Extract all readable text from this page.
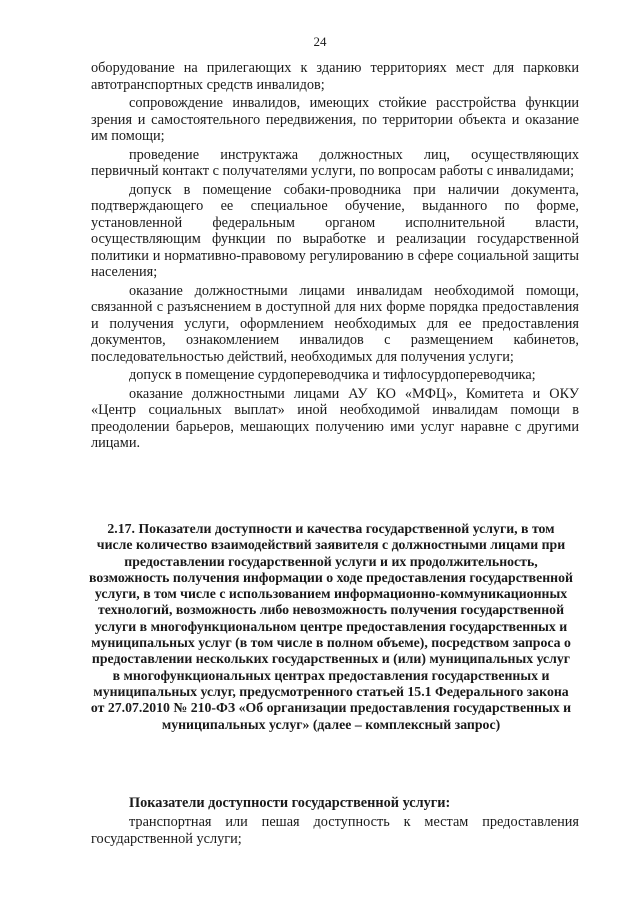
24

оборудование на прилегающих к зданию территориях мест для парковки автотранспортных средств инвалидов;

сопровождение инвалидов, имеющих стойкие расстройства функции зрения и самостоятельного передвижения, по территории объекта и оказание им помощи;

проведение инструктажа должностных лиц, осуществляющих первичный контакт с получателями услуги, по вопросам работы с инвалидами;

допуск в помещение собаки-проводника при наличии документа, подтверждающего ее специальное обучение, выданного по форме, установленной федеральным органом исполнительной власти, осуществляющим функции по выработке и реализации государственной политики и нормативно-правовому регулированию в сфере социальной защиты населения;

оказание должностными лицами инвалидам необходимой помощи, связанной с разъяснением в доступной для них форме порядка предоставления и получения услуги, оформлением необходимых для ее предоставления документов, ознакомлением инвалидов с размещением кабинетов, последовательностью действий, необходимых для получения услуги;

допуск в помещение сурдопереводчика и тифлосурдопереводчика;

оказание должностными лицами АУ КО «МФЦ», Комитета и ОКУ «Центр социальных выплат» иной необходимой инвалидам помощи в преодолении барьеров, мешающих получению ими услуг наравне с другими лицами.

2.17. Показатели доступности и качества государственной услуги, в том числе количество взаимодействий заявителя с должностными лицами при предоставлении государственной услуги и их продолжительность, возможность получения информации о ходе предоставления государственной услуги, в том числе с использованием информационно-коммуникационных технологий, возможность либо невозможность получения государственной услуги в многофункциональном центре предоставления государственных и муниципальных услуг (в том числе в полном объеме), посредством запроса о предоставлении нескольких государственных и (или) муниципальных услуг в многофункциональных центрах предоставления государственных и муниципальных услуг, предусмотренного статьей 15.1 Федерального закона от 27.07.2010 № 210-ФЗ «Об организации предоставления государственных и муниципальных услуг» (далее – комплексный запрос)

Показатели доступности государственной услуги:

транспортная или пешая доступность к местам предоставления государственной услуги;
